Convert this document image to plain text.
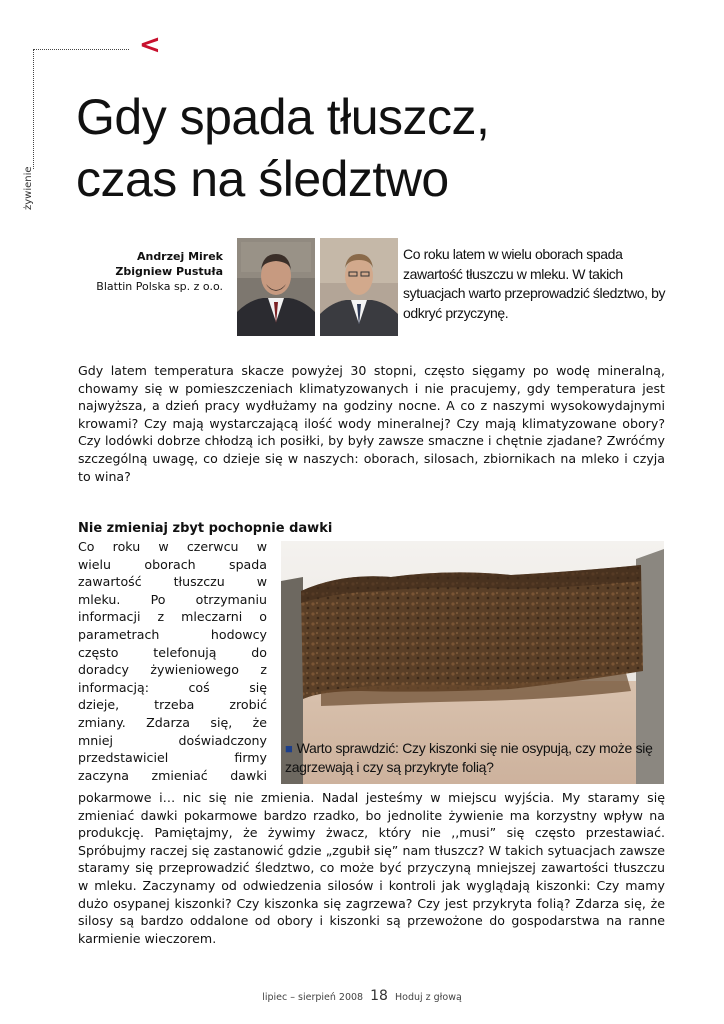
<
żywienie
Gdy spada tłuszcz,
czas na śledztwo
Andrzej Mirek
Zbigniew Pustuła
Blattin Polska sp. z o.o.
Co roku latem w wielu oborach spada zawartość tłuszczu w mleku. W takich sytuacjach warto przeprowadzić śledztwo, by odkryć przyczynę.

Gdy latem temperatura skacze powyżej 30 stopni, często sięgamy po wodę mineralną, chowamy się w pomieszczeniach klimatyzowanych i nie pracujemy, gdy temperatura jest najwyższa, a dzień pracy wydłużamy na godziny nocne. A co z naszymi wysokowydajnymi krowami? Czy mają wystarczającą ilość wody mineralnej? Czy mają klimatyzowane obory? Czy lodówki dobrze chłodzą ich posiłki, by były zawsze smaczne i chętnie zjadane? Zwróćmy szczególną uwagę, co dzieje się w naszych: oborach, silosach, zbiornikach na mleko i czyja to wina?

Nie zmieniaj zbyt pochopnie dawki

Co roku w czerwcu w
wielu oborach spada
zawartość tłuszczu w
mleku. Po otrzymaniu
informacji z mleczarni o
parametrach hodowcy
często telefonują do
doradcy żywieniowego z
informacją: coś się
dzieje, trzeba zrobić
zmiany. Zdarza się, że
mniej doświadczony
przedstawiciel firmy
zaczyna zmieniać dawki

■ Warto sprawdzić: Czy kiszonki się nie osypują, czy może się zagrzewają i czy są przykryte folią?

pokarmowe i… nic się nie zmienia. Nadal jesteśmy w miejscu wyjścia. My staramy się zmieniać dawki pokarmowe bardzo rzadko, bo jednolite żywienie ma korzystny wpływ na produkcję. Pamiętajmy, że żywimy żwacz, który nie ,,musi” się często przestawiać. Spróbujmy raczej się zastanowić gdzie „zgubił się” nam tłuszcz? W takich sytuacjach zawsze staramy się przeprowadzić śledztwo, co może być przyczyną mniejszej zawartości tłuszczu w mleku. Zaczynamy od odwiedzenia silosów i kontroli jak wyglądają kiszonki: Czy mamy dużo osypanej kiszonki? Czy kiszonka się zagrzewa? Czy jest przykryta folią? Zdarza się, że silosy są bardzo oddalone od obory i kiszonki są przewożone do gospodarstwa na ranne karmienie wieczorem.

lipiec – sierpień 2008 18 Hoduj z głową
